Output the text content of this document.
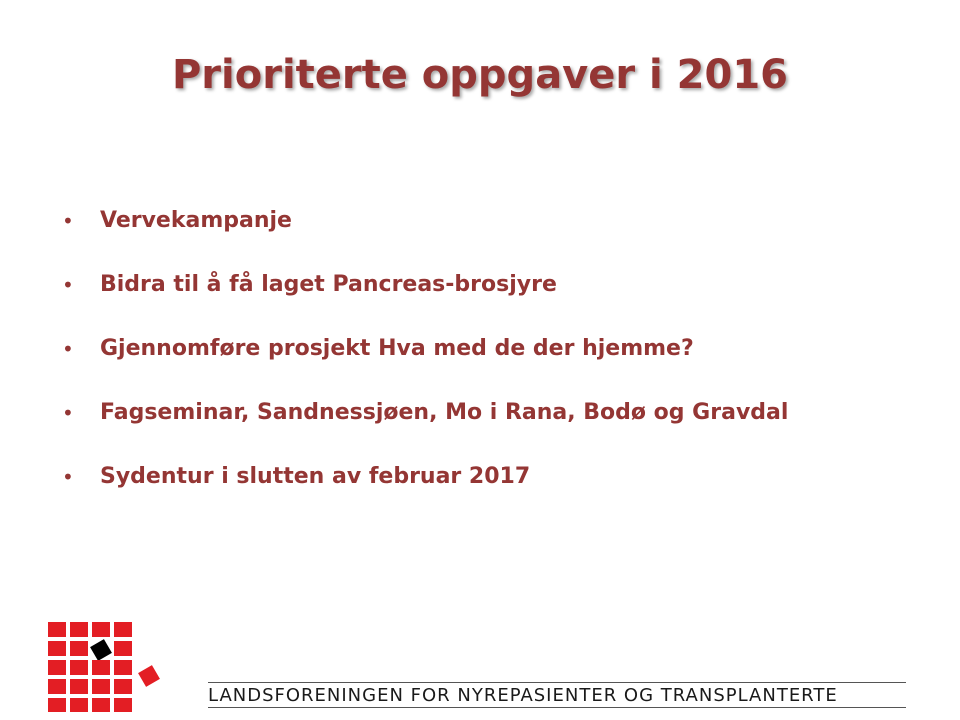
Prioriterte oppgaver i 2016
•	Vervekampanje
•	Bidra til å få laget Pancreas-brosjyre
•	Gjennomføre prosjekt Hva med de der hjemme?
•	Fagseminar, Sandnessjøen, Mo i Rana, Bodø og Gravdal
•	Sydentur i slutten av februar 2017
LANDSFORENINGEN FOR NYREPASIENTER OG TRANSPLANTERTE
